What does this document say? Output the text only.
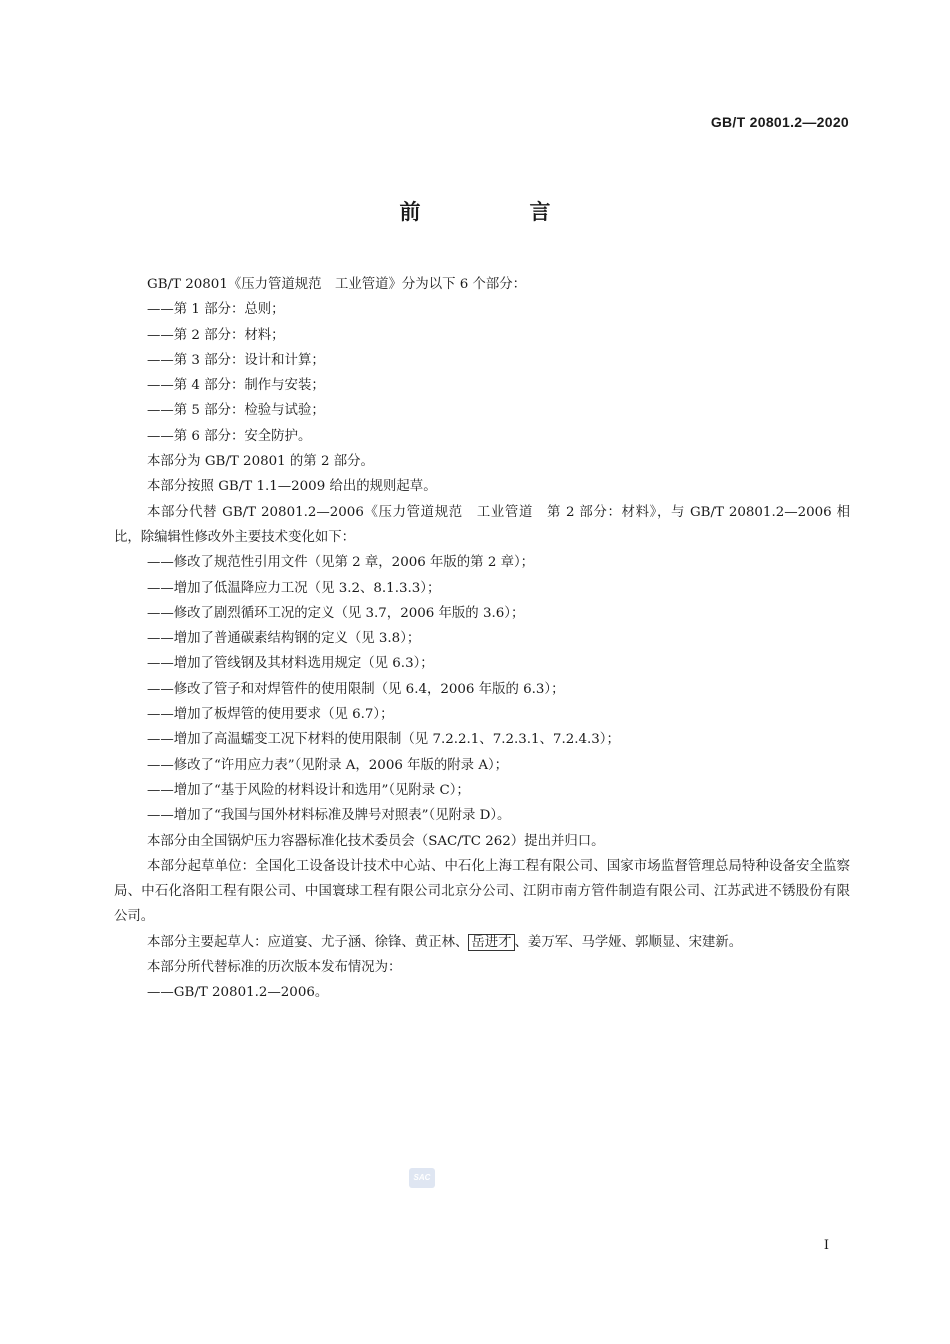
GB/T 20801.2—2020
前　言
GB/T 20801《压力管道规范　工业管道》分为以下 6 个部分：
——第 1 部分：总则；
——第 2 部分：材料；
——第 3 部分：设计和计算；
——第 4 部分：制作与安装；
——第 5 部分：检验与试验；
——第 6 部分：安全防护。
本部分为 GB/T 20801 的第 2 部分。
本部分按照 GB/T 1.1—2009 给出的规则起草。
本部分代替 GB/T 20801.2—2006《压力管道规范　工业管道　第 2 部分：材料》，与 GB/T 20801.2—2006 相比，除编辑性修改外主要技术变化如下：
——修改了规范性引用文件（见第 2 章，2006 年版的第 2 章）；
——增加了低温降应力工况（见 3.2、8.1.3.3）；
——修改了剧烈循环工况的定义（见 3.7，2006 年版的 3.6）；
——增加了普通碳素结构钢的定义（见 3.8）；
——增加了管线钢及其材料选用规定（见 6.3）；
——修改了管子和对焊管件的使用限制（见 6.4，2006 年版的 6.3）；
——增加了板焊管的使用要求（见 6.7）；
——增加了高温蠕变工况下材料的使用限制（见 7.2.2.1、7.2.3.1、7.2.4.3）；
——修改了“许用应力表”（见附录 A，2006 年版的附录 A）；
——增加了“基于风险的材料设计和选用”（见附录 C）；
——增加了“我国与国外材料标准及牌号对照表”（见附录 D）。
本部分由全国锅炉压力容器标准化技术委员会（SAC/TC 262）提出并归口。
本部分起草单位：全国化工设备设计技术中心站、中石化上海工程有限公司、国家市场监督管理总局特种设备安全监察局、中石化洛阳工程有限公司、中国寰球工程有限公司北京分公司、江阴市南方管件制造有限公司、江苏武进不锈股份有限公司。
本部分主要起草人：应道宴、尤子涵、徐锋、黄正林、 岳进才 、姜万军、马学娅、郭顺显、宋建新。
本部分所代替标准的历次版本发布情况为：
——GB/T 20801.2—2006。
SAC
I
